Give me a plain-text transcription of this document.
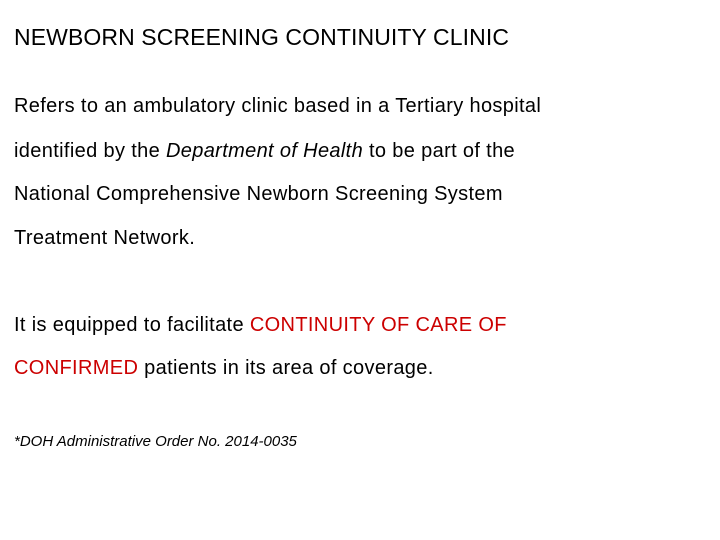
NEWBORN SCREENING CONTINUITY CLINIC
Refers to an ambulatory clinic based in a Tertiary hospital
identified by the Department of Health to be part of the
National Comprehensive Newborn Screening System
Treatment Network.
It is equipped to facilitate CONTINUITY OF CARE OF
CONFIRMED patients in its area of coverage.
*DOH Administrative Order No. 2014-0035
